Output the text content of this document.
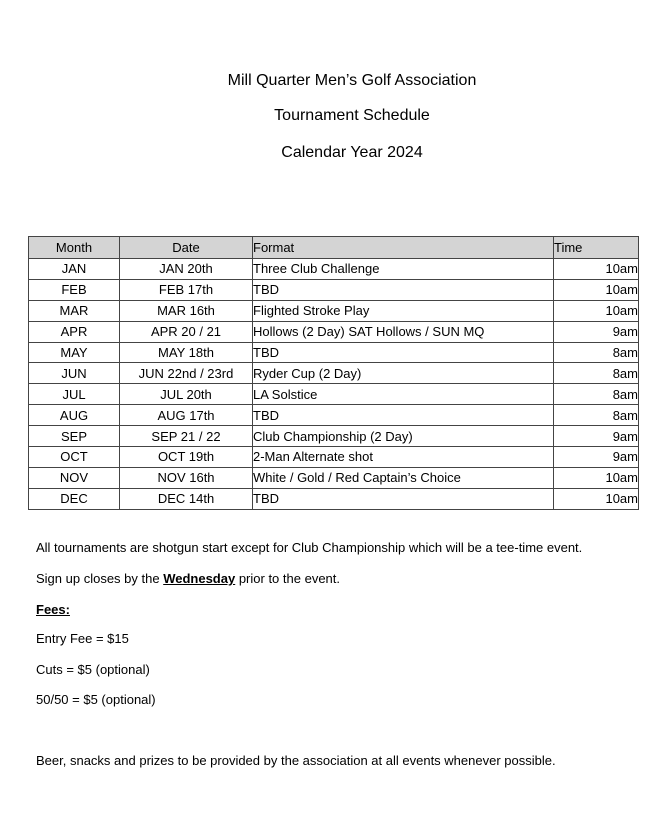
Mill Quarter Men’s Golf Association
Tournament Schedule
Calendar Year 2024
Month	Date	Format	Time
JAN	JAN 20th	Three Club Challenge	10am
FEB	FEB 17th	TBD	10am
MAR	MAR 16th	Flighted Stroke Play	10am
APR	APR 20 / 21	Hollows (2 Day) SAT Hollows / SUN MQ	9am
MAY	MAY 18th	TBD	8am
JUN	JUN 22nd / 23rd	Ryder Cup (2 Day)	8am
JUL	JUL 20th	LA Solstice	8am
AUG	AUG 17th	TBD	8am
SEP	SEP 21 / 22	Club Championship (2 Day)	9am
OCT	OCT 19th	2-Man Alternate shot	9am
NOV	NOV 16th	White / Gold / Red Captain’s Choice	10am
DEC	DEC 14th	TBD	10am
All tournaments are shotgun start except for Club Championship which will be a tee-time event.
Sign up closes by the Wednesday prior to the event.
Fees:
Entry Fee = $15
Cuts = $5 (optional)
50/50 = $5 (optional)
Beer, snacks and prizes to be provided by the association at all events whenever possible.
